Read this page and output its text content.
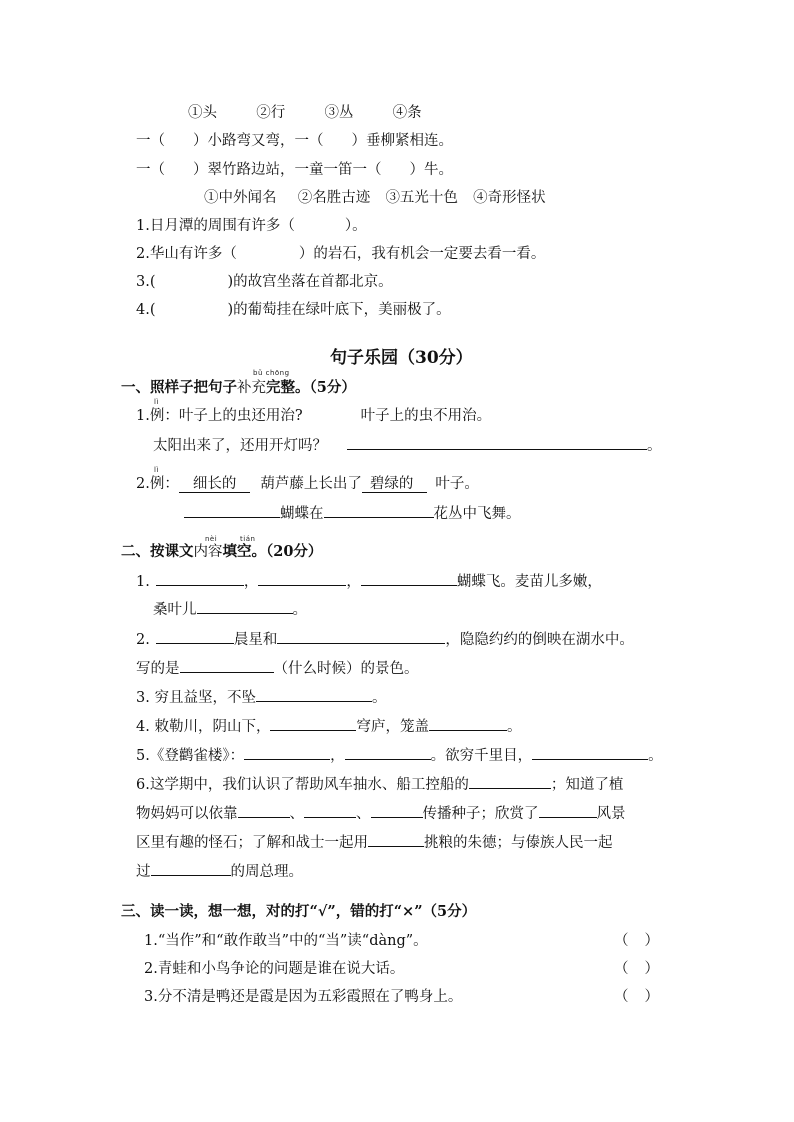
①头	②行	③丛	④条
一（ ）小路弯又弯，一（ ）垂柳紧相连。
一（ ）翠竹路边站，一童一笛一（ ）牛。
①中外闻名 ②名胜古迹 ③五光十色 ④奇形怪状
1.日月潭的周围有许多（	）。
2.华山有许多（	）的岩石，我有机会一定要去看一看。
3.(	)的故宫坐落在首都北京。
4.(	)的葡萄挂在绿叶底下，美丽极了。
句子乐园（30分）
bǔ chōng
一、照样子把句子补充完整。（5分）
lì
1.例：叶子上的虫还用治?	叶子上的虫不用治。
太阳出来了，还用开灯吗？	。
lì
2.例： 细长的 葫芦藤上长出了 碧绿的 叶子。
蝴蝶在	花丛中飞舞。
nèi	tián
二、按课文内容填空。（20分）
1.	，	，	蝴蝶飞。麦苗儿多嫩，
桑叶儿	。
2.	晨星和	，隐隐约约的倒映在湖水中。
写的是	（什么时候）的景色。
3. 穷且益坚，不坠	。
4. 敕勒川，阴山下，	穹庐，笼盖	。
5.《登鹳雀楼》：	，	。欲穷千里目，	。
6.这学期中，我们认识了帮助风车抽水、船工控船的	；知道了植
物妈妈可以依靠	、	、	传播种子；欣赏了	风景
区里有趣的怪石；了解和战士一起用	挑粮的朱德；与傣族人民一起
过	的周总理。
三、读一读，想一想，对的打“√”，错的打“×”（5分）
1.“当作”和“敢作敢当”中的“当”读“dàng”。	（ ）
2.青蛙和小鸟争论的问题是谁在说大话。	（ ）
3.分不清是鸭还是霞是因为五彩霞照在了鸭身上。	（ ）
